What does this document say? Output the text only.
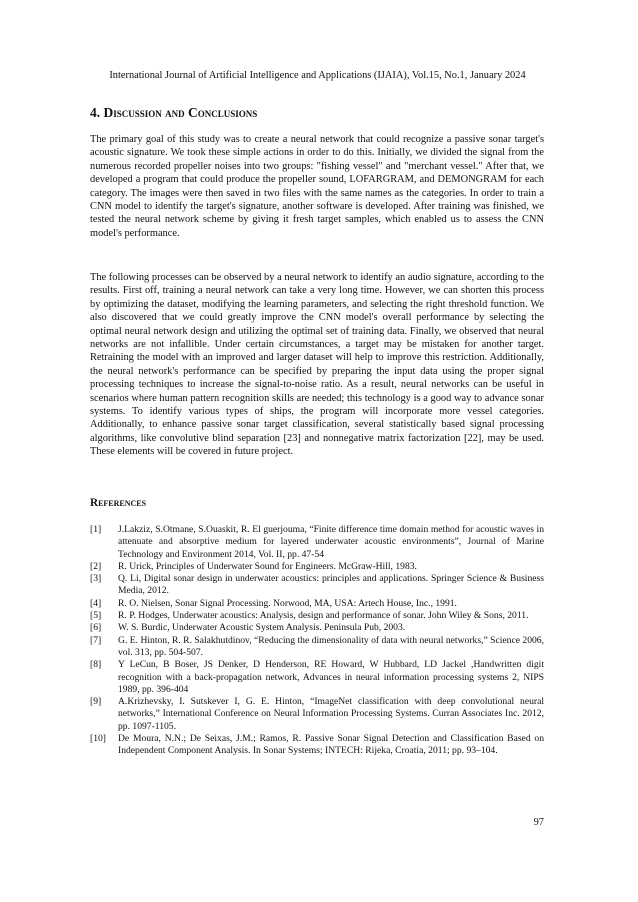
International Journal of Artificial Intelligence and Applications (IJAIA), Vol.15, No.1, January 2024
4. Discussion and Conclusions

The primary goal of this study was to create a neural network that could recognize a passive sonar target's acoustic signature. We took these simple actions in order to do this. Initially, we divided the signal from the numerous recorded propeller noises into two groups: "fishing vessel" and "merchant vessel." After that, we developed a program that could produce the propeller sound, LOFARGRAM, and DEMONGRAM for each category. The images were then saved in two files with the same names as the categories. In order to train a CNN model to identify the target's signature, another software is developed. After training was finished, we tested the neural network scheme by giving it fresh target samples, which enabled us to assess the CNN model's performance.

The following processes can be observed by a neural network to identify an audio signature, according to the results. First off, training a neural network can take a very long time. However, we can shorten this process by optimizing the dataset, modifying the learning parameters, and selecting the right threshold function. We also discovered that we could greatly improve the CNN model's overall performance by selecting the optimal neural network design and utilizing the optimal set of training data. Finally, we observed that neural networks are not infallible. Under certain circumstances, a target may be mistaken for another target. Retraining the model with an improved and larger dataset will help to improve this restriction. Additionally, the neural network's performance can be specified by preparing the input data using the proper signal processing techniques to increase the signal-to-noise ratio. As a result, neural networks can be useful in scenarios where human pattern recognition skills are needed; this technology is a good way to advance sonar systems. To identify various types of ships, the program will incorporate more vessel categories. Additionally, to enhance passive sonar target classification, several statistically based signal processing algorithms, like convolutive blind separation [23] and nonnegative matrix factorization [22], may be used. These elements will be covered in future project.

References
[1]	J.Lakziz, S.Otmane, S.Ouaskit, R. El guerjouma, “Finite difference time domain method for acoustic waves in attenuate and absorptive medium for layered underwater acoustic environments”, Journal of Marine Technology and Environment 2014, Vol. II, pp. 47-54
[2]	R. Urick, Principles of Underwater Sound for Engineers. McGraw-Hill, 1983.
[3]	Q. Li, Digital sonar design in underwater acoustics: principles and applications. Springer Science & Business Media, 2012.
[4]	R. O. Nielsen, Sonar Signal Processing. Norwood, MA, USA: Artech House, Inc., 1991.
[5]	R. P. Hodges, Underwater acoustics: Analysis, design and performance of sonar. John Wiley & Sons, 2011.
[6]	W. S. Burdic, Underwater Acoustic System Analysis. Peninsula Pub, 2003.
[7]	G. E. Hinton, R. R. Salakhutdinov, “Reducing the dimensionality of data with neural networks,” Science 2006, vol. 313, pp. 504-507.
[8]	Y LeCun, B Boser, JS Denker, D Henderson, RE Howard, W Hubbard, LD Jackel ,Handwritten digit recognition with a back-propagation network, Advances in neural information processing systems 2, NIPS 1989, pp. 396-404
[9]	A.Krizhevsky, I. Sutskever I, G. E. Hinton, “ImageNet classification with deep convolutional neural networks,” International Conference on Neural Information Processing Systems. Curran Associates Inc. 2012, pp. 1097-1105.
[10]	De Moura, N.N.; De Seixas, J.M.; Ramos, R. Passive Sonar Signal Detection and Classification Based on Independent Component Analysis. In Sonar Systems; INTECH: Rijeka, Croatia, 2011; pp. 93–104.
97
